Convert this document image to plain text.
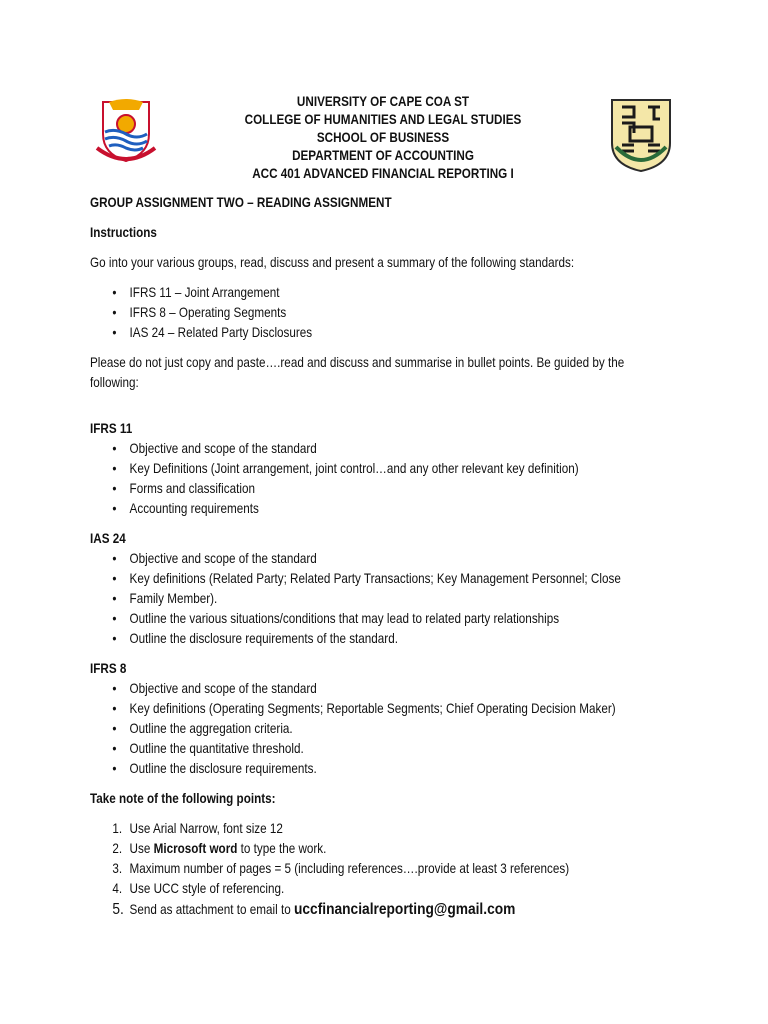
UNIVERSITY OF CAPE COA ST
COLLEGE OF HUMANITIES AND LEGAL STUDIES
SCHOOL OF BUSINESS
DEPARTMENT OF ACCOUNTING
ACC 401 ADVANCED FINANCIAL REPORTING I
GROUP ASSIGNMENT TWO – READING ASSIGNMENT
Instructions
Go into your various groups, read, discuss and present a summary of the following standards:
• IFRS 11 – Joint Arrangement
• IFRS 8 – Operating Segments
• IAS 24 – Related Party Disclosures
Please do not just copy and paste….read and discuss and summarise in bullet points. Be guided by the
following:
IFRS 11
• Objective and scope of the standard
• Key Definitions (Joint arrangement, joint control…and any other relevant key definition)
• Forms and classification
• Accounting requirements
IAS 24
• Objective and scope of the standard
• Key definitions (Related Party; Related Party Transactions; Key Management Personnel; Close
• Family Member).
• Outline the various situations/conditions that may lead to related party relationships
• Outline the disclosure requirements of the standard.
IFRS 8
• Objective and scope of the standard
• Key definitions (Operating Segments; Reportable Segments; Chief Operating Decision Maker)
• Outline the aggregation criteria.
• Outline the quantitative threshold.
• Outline the disclosure requirements.
Take note of the following points:
1. Use Arial Narrow, font size 12
2. Use Microsoft word to type the work.
3. Maximum number of pages = 5 (including references….provide at least 3 references)
4. Use UCC style of referencing.
5. Send as attachment to email to uccfinancialreporting@gmail.com
